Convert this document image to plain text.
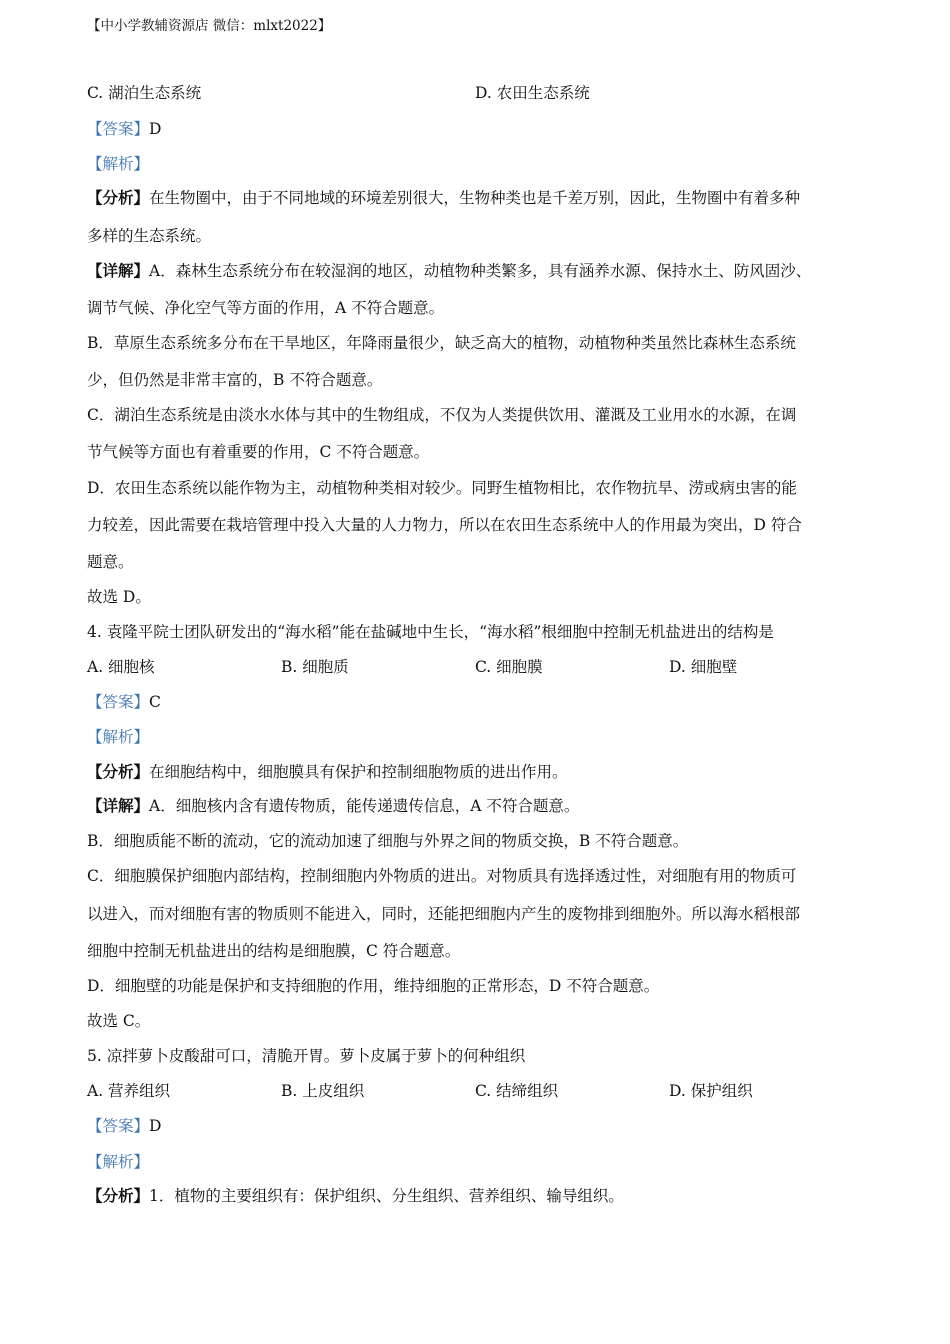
【中小学教辅资源店 微信：mlxt2022】
C. 湖泊生态系统	D. 农田生态系统
【答案】D
【解析】
【分析】在生物圈中，由于不同地域的环境差别很大，生物种类也是千差万别，因此，生物圈中有着多种
多样的生态系统。
【详解】A．森林生态系统分布在较湿润的地区，动植物种类繁多，具有涵养水源、保持水土、防风固沙、
调节气候、净化空气等方面的作用，A 不符合题意。
B．草原生态系统多分布在干旱地区，年降雨量很少，缺乏高大的植物，动植物种类虽然比森林生态系统
少，但仍然是非常丰富的，B 不符合题意。
C．湖泊生态系统是由淡水水体与其中的生物组成，不仅为人类提供饮用、灌溉及工业用水的水源，在调
节气候等方面也有着重要的作用，C 不符合题意。
D．农田生态系统以能作物为主，动植物种类相对较少。同野生植物相比，农作物抗旱、涝或病虫害的能
力较差，因此需要在栽培管理中投入大量的人力物力，所以在农田生态系统中人的作用最为突出，D 符合
题意。
故选 D。
4. 袁隆平院士团队研发出的“海水稻”能在盐碱地中生长，“海水稻”根细胞中控制无机盐进出的结构是
A. 细胞核	B. 细胞质	C. 细胞膜	D. 细胞壁
【答案】C
【解析】
【分析】在细胞结构中，细胞膜具有保护和控制细胞物质的进出作用。
【详解】A．细胞核内含有遗传物质，能传递遗传信息，A 不符合题意。
B．细胞质能不断的流动，它的流动加速了细胞与外界之间的物质交换，B 不符合题意。
C．细胞膜保护细胞内部结构，控制细胞内外物质的进出。对物质具有选择透过性，对细胞有用的物质可
以进入，而对细胞有害的物质则不能进入，同时，还能把细胞内产生的废物排到细胞外。所以海水稻根部
细胞中控制无机盐进出的结构是细胞膜，C 符合题意。
D．细胞壁的功能是保护和支持细胞的作用，维持细胞的正常形态，D 不符合题意。
故选 C。
5. 凉拌萝卜皮酸甜可口，清脆开胃。萝卜皮属于萝卜的何种组织
A. 营养组织	B. 上皮组织	C. 结缔组织	D. 保护组织
【答案】D
【解析】
【分析】1．植物的主要组织有：保护组织、分生组织、营养组织、输导组织。
